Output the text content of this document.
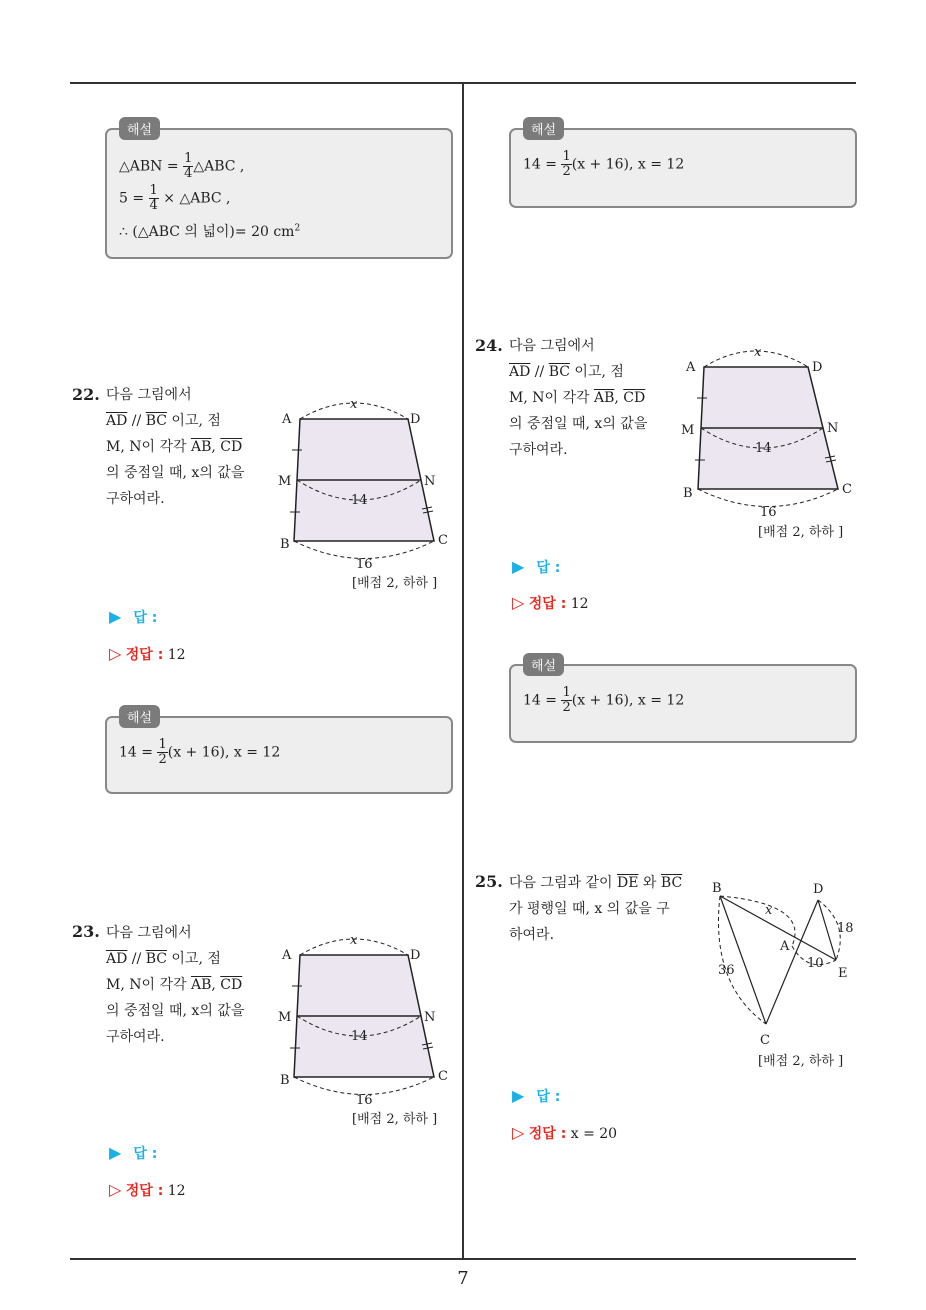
7
해설
△ABN = $\frac{1}{4}$ △ABC ,
$5 = \frac{1}{4}$ × △ABC ,
∴ (△ABC 의 넓이)= 20 $cm^2$
22. 다음 그림에서
$\overline{AD} // \overline{BC}$ 이고, 점
M, N이 각각 $\overline{AB}$, $\overline{CD}$
의 중점일 때, x의 값을
구하여라.
A	D
M	N
B	C
x
14
16
[배점 2, 하하 ]
▶ 답 :
▷ 정답 : 12
해설
$14 = \frac{1}{2} (x + 16)$, x = 12
23. 다음 그림에서
$\overline{AD} // \overline{BC}$ 이고, 점
M, N이 각각 $\overline{AB}$, $\overline{CD}$
의 중점일 때, x의 값을
구하여라.
A	D
M	N
B	C
x
14
16
[배점 2, 하하 ]
▶ 답 :
▷ 정답 : 12
해설
$14 = \frac{1}{2} (x + 16)$, x = 12
24. 다음 그림에서
$\overline{AD} // \overline{BC}$ 이고, 점
M, N이 각각 $\overline{AB}$, $\overline{CD}$
의 중점일 때, x의 값을
구하여라.
A	D
M	N
B	C
x
14
16
[배점 2, 하하 ]
▶ 답 :
▷ 정답 : 12
해설
$14 = \frac{1}{2} (x + 16)$, x = 12
25. 다음 그림과 같이 $\overline{DE}$ 와 $\overline{BC}$
가 평행일 때, x 의 값을 구
하여라.
B	D
A
C
E
x
18
36	10
[배점 2, 하하 ]
▶ 답 :
▷ 정답 : x = 20
